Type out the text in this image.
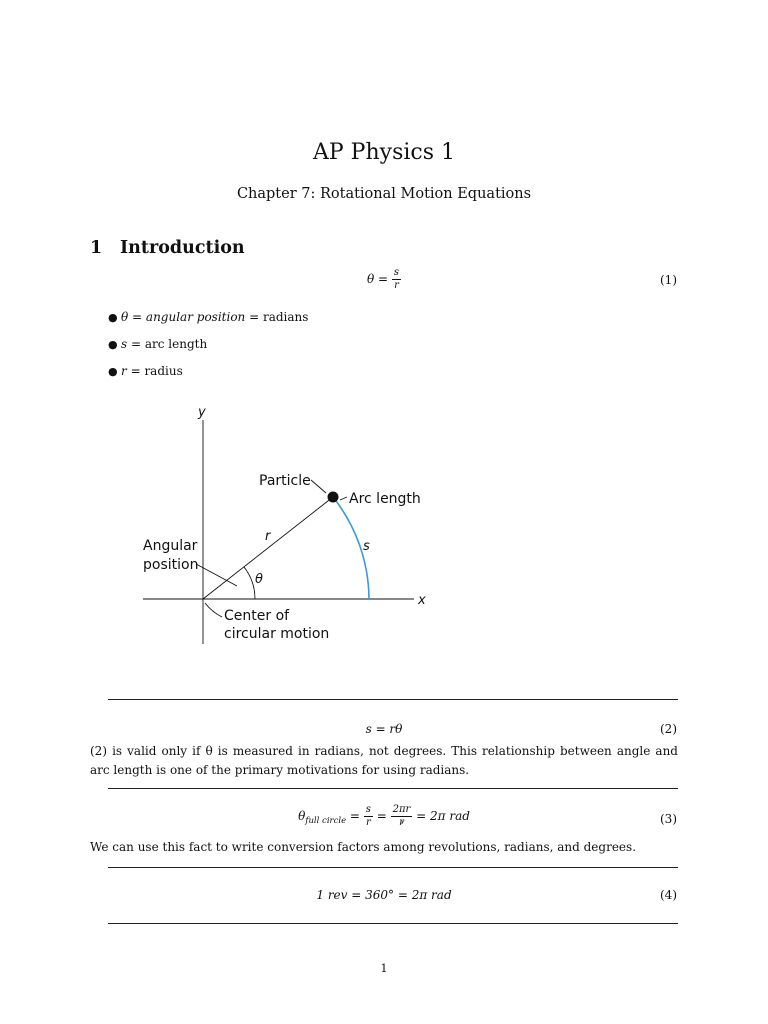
AP Physics 1
Chapter 7: Rotational Motion Equations
1 Introduction
$\theta = \frac{s}{r}$	(1)
● θ = angular position = radians
● s = arc length
● r = radius
y
x
Particle
Arc length
r
s
θ
Angular
position
Center of
circular motion
s = rθ	(2)
(2) is valid only if θ is measured in radians, not degrees. This relationship between angle and arc length is one of the primary motivations for using radians.
$\theta_{full circle} = \frac{s}{r} = \frac{2\pi r}{r} = 2\pi$ rad	(3)
We can use this fact to write conversion factors among revolutions, radians, and degrees.
1 rev = 360° = 2π rad	(4)
1
